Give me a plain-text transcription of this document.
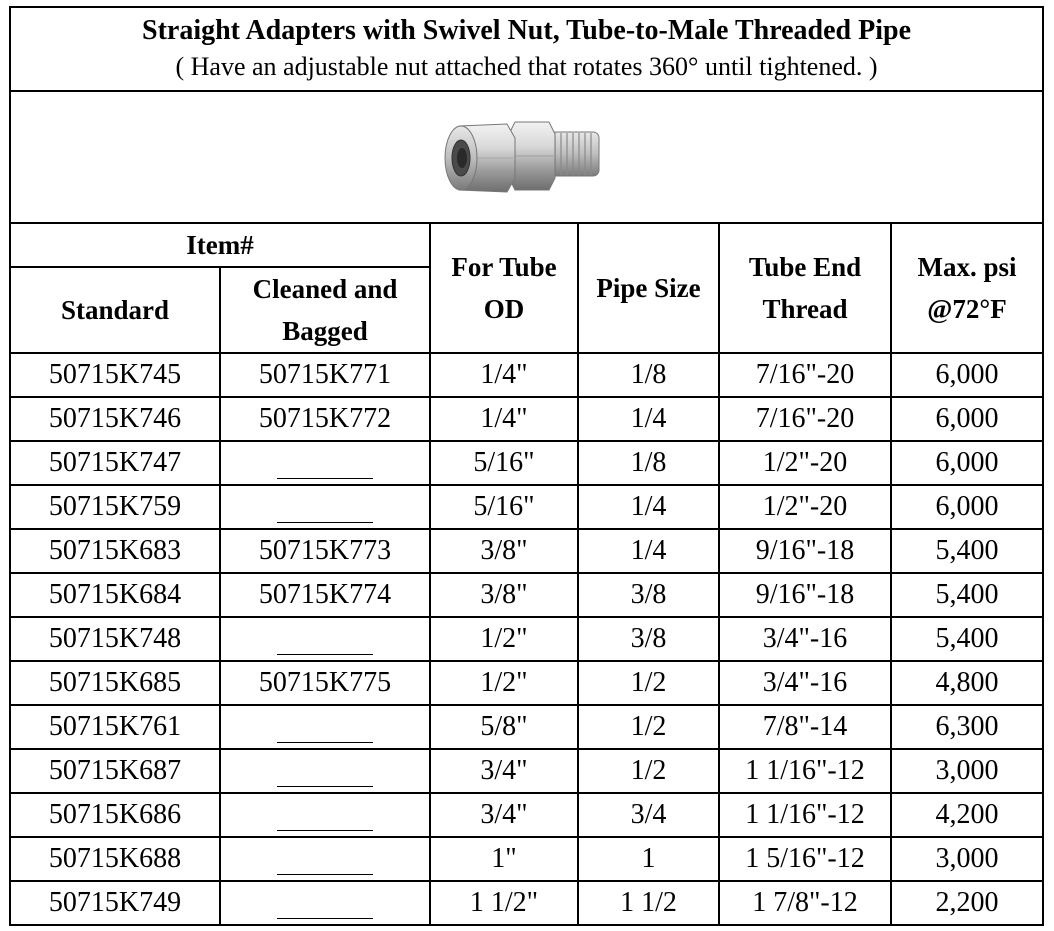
Straight Adapters with Swivel Nut, Tube-to-Male Threaded Pipe
( Have an adjustable nut attached that rotates 360° until tightened. )					

Item#		For Tube OD	Pipe Size	Tube End Thread	Max. psi @72°F
Standard	Cleaned and Bagged				
50715K745	50715K771	1/4"	1/8	7/16"-20	6,000
50715K746	50715K772	1/4"	1/4	7/16"-20	6,000
50715K747		5/16"	1/8	1/2"-20	6,000
50715K759		5/16"	1/4	1/2"-20	6,000
50715K683	50715K773	3/8"	1/4	9/16"-18	5,400
50715K684	50715K774	3/8"	3/8	9/16"-18	5,400
50715K748		1/2"	3/8	3/4"-16	5,400
50715K685	50715K775	1/2"	1/2	3/4"-16	4,800
50715K761		5/8"	1/2	7/8"-14	6,300
50715K687		3/4"	1/2	1 1/16"-12	3,000
50715K686		3/4"	3/4	1 1/16"-12	4,200
50715K688		1"	1	1 5/16"-12	3,000
50715K749		1 1/2"	1 1/2	1 7/8"-12	2,200
